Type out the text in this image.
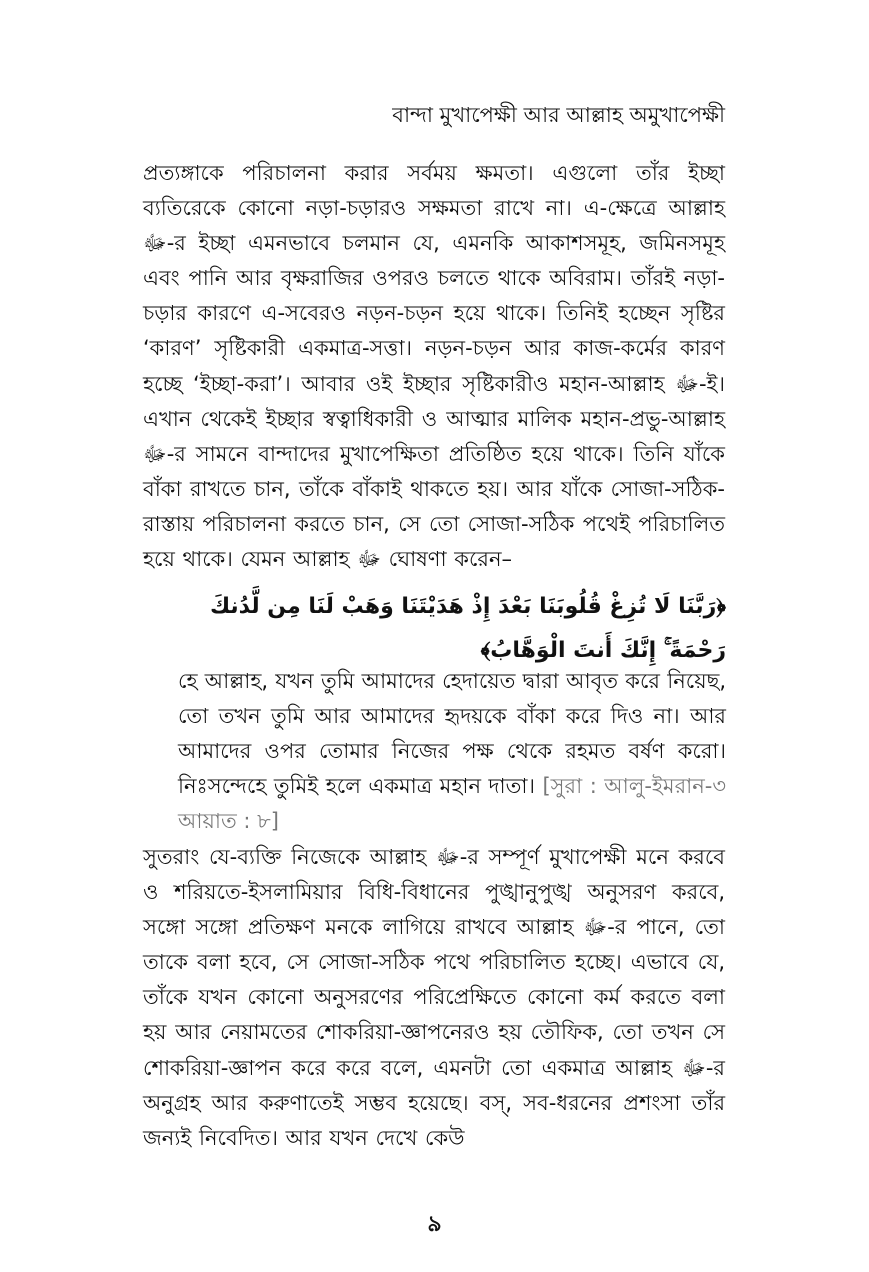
বান্দা মুখাপেক্ষী আর আল্লাহ অমুখাপেক্ষী

প্রত্যঙ্গাকে পরিচালনা করার সর্বময় ক্ষমতা। এগুলো তাঁর ইচ্ছা ব্যতিরেকে কোনো নড়া-চড়ারও সক্ষমতা রাখে না। এ-ক্ষেত্রে আল্লাহ ﷻ-র ইচ্ছা এমনভাবে চলমান যে, এমনকি আকাশসমূহ, জমিনসমূহ এবং পানি আর বৃক্ষরাজির ওপরও চলতে থাকে অবিরাম। তাঁরই নড়া-চড়ার কারণে এ-সবেরও নড়ন-চড়ন হয়ে থাকে। তিনিই হচ্ছেন সৃষ্টির ‘কারণ’ সৃষ্টিকারী একমাত্র-সত্তা। নড়ন-চড়ন আর কাজ-কর্মের কারণ হচ্ছে ‘ইচ্ছা-করা’। আবার ওই ইচ্ছার সৃষ্টিকারীও মহান-আল্লাহ ﷻ-ই। এখান থেকেই ইচ্ছার স্বত্বাধিকারী ও আত্মার মালিক মহান-প্রভু-আল্লাহ ﷻ-র সামনে বান্দাদের মুখাপেক্ষিতা প্রতিষ্ঠিত হয়ে থাকে। তিনি যাঁকে বাঁকা রাখতে চান, তাঁকে বাঁকাই থাকতে হয়। আর যাঁকে সোজা-সঠিক-রাস্তায় পরিচালনা করতে চান, সে তো সোজা-সঠিক পথেই পরিচালিত হয়ে থাকে। যেমন আল্লাহ ﷻ ঘোষণা করেন–

﴿رَبَّنَا لَا تُزِغْ قُلُوبَنَا بَعْدَ إِذْ هَدَيْتَنَا وَهَبْ لَنَا مِن لَّدُنكَ رَحْمَةً ۚ إِنَّكَ أَنتَ الْوَهَّابُ﴾

হে আল্লাহ, যখন তুমি আমাদের হেদায়েত দ্বারা আবৃত করে নিয়েছ, তো তখন তুমি আর আমাদের হৃদয়কে বাঁকা করে দিও না। আর আমাদের ওপর তোমার নিজের পক্ষ থেকে রহমত বর্ষণ করো। নিঃসন্দেহে তুমিই হলে একমাত্র মহান দাতা। [সুরা : আলু-ইমরান-৩ আয়াত : ৮]

সুতরাং যে-ব্যক্তি নিজেকে আল্লাহ ﷻ-র সম্পূর্ণ মুখাপেক্ষী মনে করবে ও শরিয়তে-ইসলামিয়ার বিধি-বিধানের পুঙ্খানুপুঙ্খ অনুসরণ করবে, সঙ্গো সঙ্গো প্রতিক্ষণ মনকে লাগিয়ে রাখবে আল্লাহ ﷻ-র পানে, তো তাকে বলা হবে, সে সোজা-সঠিক পথে পরিচালিত হচ্ছে। এভাবে যে, তাঁকে যখন কোনো অনুসরণের পরিপ্রেক্ষিতে কোনো কর্ম করতে বলা হয় আর নেয়ামতের শোকরিয়া-জ্ঞাপনেরও হয় তৌফিক, তো তখন সে শোকরিয়া-জ্ঞাপন করে করে বলে, এমনটা তো একমাত্র আল্লাহ ﷻ-র অনুগ্রহ আর করুণাতেই সম্ভব হয়েছে। বস্, সব-ধরনের প্রশংসা তাঁর জন্যই নিবেদিত। আর যখন দেখে কেউ

৯
